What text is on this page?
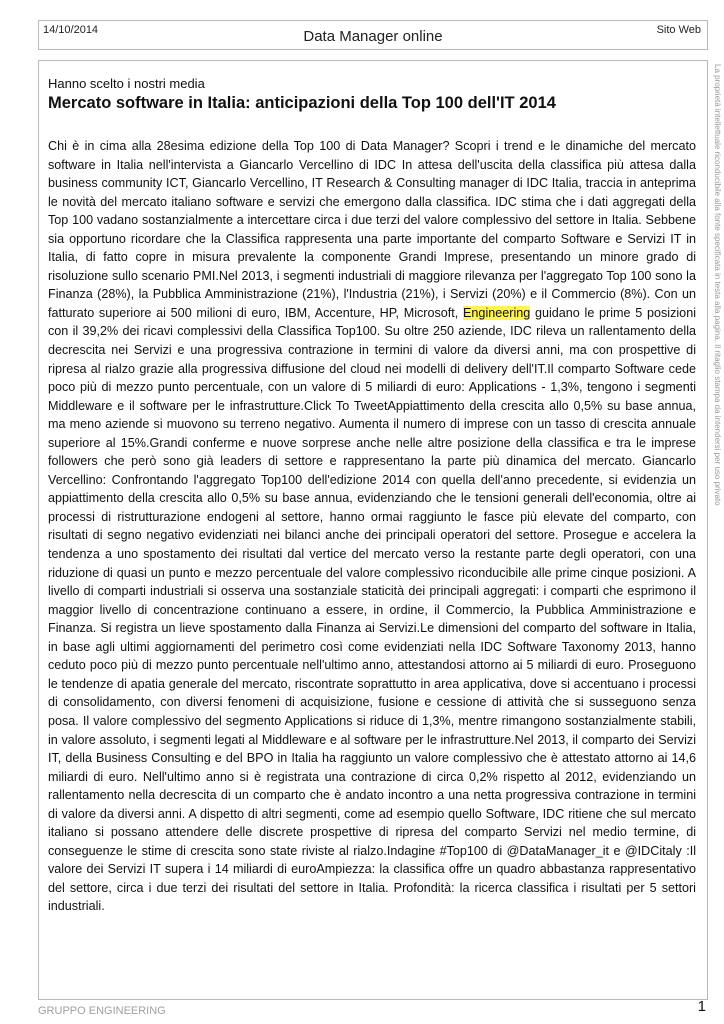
14/10/2014	Data Manager online	Sito Web
Hanno scelto i nostri media
Mercato software in Italia: anticipazioni della Top 100 dell'IT 2014

Chi è in cima alla 28esima edizione della Top 100 di Data Manager? Scopri i trend e le dinamiche del mercato software in Italia nell'intervista a Giancarlo Vercellino di IDC In attesa dell'uscita della classifica più attesa dalla business community ICT, Giancarlo Vercellino, IT Research & Consulting manager di IDC Italia, traccia in anteprima le novità del mercato italiano software e servizi che emergono dalla classifica. IDC stima che i dati aggregati della Top 100 vadano sostanzialmente a intercettare circa i due terzi del valore complessivo del settore in Italia. Sebbene sia opportuno ricordare che la Classifica rappresenta una parte importante del comparto Software e Servizi IT in Italia, di fatto copre in misura prevalente la componente Grandi Imprese, presentando un minore grado di risoluzione sullo scenario PMI.Nel 2013, i segmenti industriali di maggiore rilevanza per l'aggregato Top 100 sono la Finanza (28%), la Pubblica Amministrazione (21%), l'Industria (21%), i Servizi (20%) e il Commercio (8%). Con un fatturato superiore ai 500 milioni di euro, IBM, Accenture, HP, Microsoft, Engineering guidano le prime 5 posizioni con il 39,2% dei ricavi complessivi della Classifica Top100. Su oltre 250 aziende, IDC rileva un rallentamento della decrescita nei Servizi e una progressiva contrazione in termini di valore da diversi anni, ma con prospettive di ripresa al rialzo grazie alla progressiva diffusione del cloud nei modelli di delivery dell'IT.Il comparto Software cede poco più di mezzo punto percentuale, con un valore di 5 miliardi di euro: Applications - 1,3%, tengono i segmenti Middleware e il software per le infrastrutture.Click To TweetAppiattimento della crescita allo 0,5% su base annua, ma meno aziende si muovono su terreno negativo. Aumenta il numero di imprese con un tasso di crescita annuale superiore al 15%.Grandi conferme e nuove sorprese anche nelle altre posizione della classifica e tra le imprese followers che però sono già leaders di settore e rappresentano la parte più dinamica del mercato. Giancarlo Vercellino: Confrontando l'aggregato Top100 dell'edizione 2014 con quella dell'anno precedente, si evidenzia un appiattimento della crescita allo 0,5% su base annua, evidenziando che le tensioni generali dell'economia, oltre ai processi di ristrutturazione endogeni al settore, hanno ormai raggiunto le fasce più elevate del comparto, con risultati di segno negativo evidenziati nei bilanci anche dei principali operatori del settore. Prosegue e accelera la tendenza a uno spostamento dei risultati dal vertice del mercato verso la restante parte degli operatori, con una riduzione di quasi un punto e mezzo percentuale del valore complessivo riconducibile alle prime cinque posizioni. A livello di comparti industriali si osserva una sostanziale staticità dei principali aggregati: i comparti che esprimono il maggior livello di concentrazione continuano a essere, in ordine, il Commercio, la Pubblica Amministrazione e Finanza. Si registra un lieve spostamento dalla Finanza ai Servizi.Le dimensioni del comparto del software in Italia, in base agli ultimi aggiornamenti del perimetro così come evidenziati nella IDC Software Taxonomy 2013, hanno ceduto poco più di mezzo punto percentuale nell'ultimo anno, attestandosi attorno ai 5 miliardi di euro. Proseguono le tendenze di apatia generale del mercato, riscontrate soprattutto in area applicativa, dove si accentuano i processi di consolidamento, con diversi fenomeni di acquisizione, fusione e cessione di attività che si susseguono senza posa. Il valore complessivo del segmento Applications si riduce di 1,3%, mentre rimangono sostanzialmente stabili, in valore assoluto, i segmenti legati al Middleware e al software per le infrastrutture.Nel 2013, il comparto dei Servizi IT, della Business Consulting e del BPO in Italia ha raggiunto un valore complessivo che è attestato attorno ai 14,6 miliardi di euro. Nell'ultimo anno si è registrata una contrazione di circa 0,2% rispetto al 2012, evidenziando un rallentamento nella decrescita di un comparto che è andato incontro a una netta progressiva contrazione in termini di valore da diversi anni. A dispetto di altri segmenti, come ad esempio quello Software, IDC ritiene che sul mercato italiano si possano attendere delle discrete prospettive di ripresa del comparto Servizi nel medio termine, di conseguenze le stime di crescita sono state riviste al rialzo.Indagine #Top100 di @DataManager_it e @IDCitaly :Il valore dei Servizi IT supera i 14 miliardi di euroAmpiezza: la classifica offre un quadro abbastanza rappresentativo del settore, circa i due terzi dei risultati del settore in Italia. Profondità: la ricerca classifica i risultati per 5 settori industriali.

La proprietà intellettuale riconducibile alla fonte specificata in testa alla pagina. Il ritaglio stampa da intendersi per uso privato
GRUPPO ENGINEERING	1
